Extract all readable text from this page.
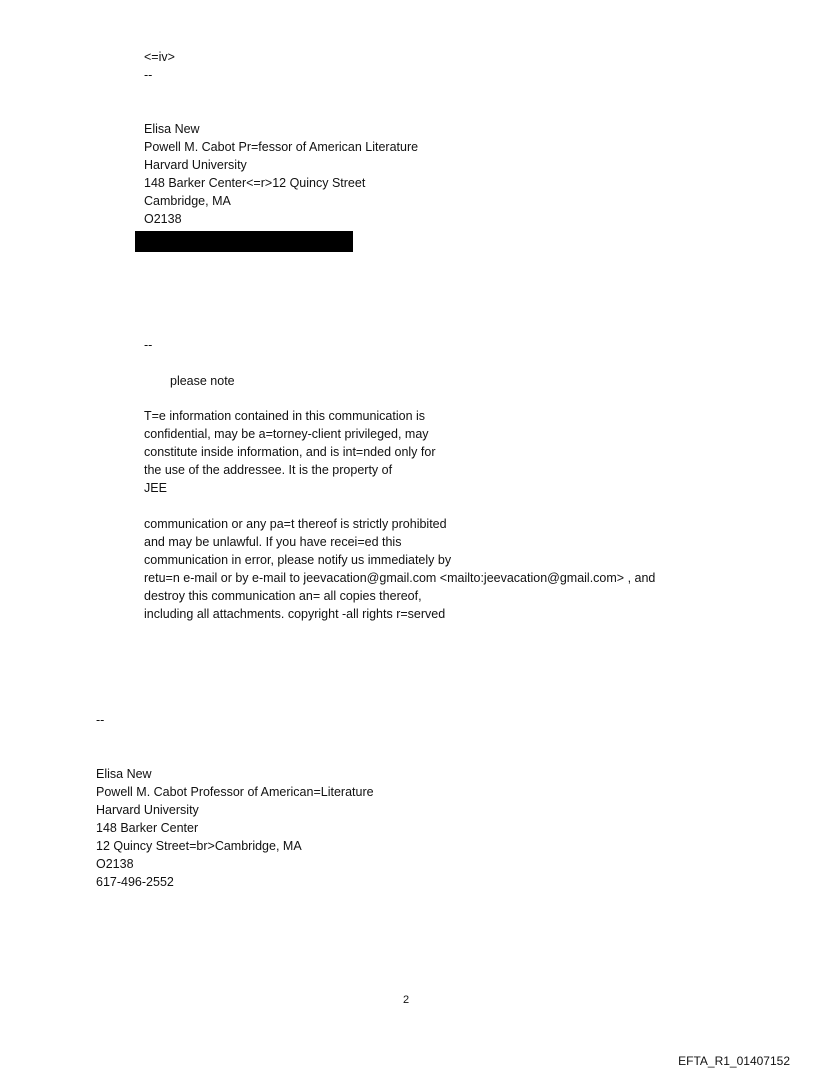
<=iv>
--
Elisa New
Powell M. Cabot Pr=fessor of American Literature
Harvard University
148 Barker Center<=r>12 Quincy Street
Cambridge, MA
O2138
--
please note
T=e information contained in this communication is
confidential, may be a=torney-client privileged, may
constitute inside information, and is int=nded only for
the use of the addressee. It is the property of
JEE
communication or any pa=t thereof is strictly prohibited
and may be unlawful. If you have recei=ed this
communication in error, please notify us immediately by
retu=n e-mail or by e-mail to jeevacation@gmail.com <mailto:jeevacation@gmail.com> , and
destroy this communication an= all copies thereof,
including all attachments. copyright -all rights r=served
--
Elisa New
Powell M. Cabot Professor of American=Literature
Harvard University
148 Barker Center
12 Quincy Street=br>Cambridge, MA
O2138
617-496-2552
2
EFTA_R1_01407152
